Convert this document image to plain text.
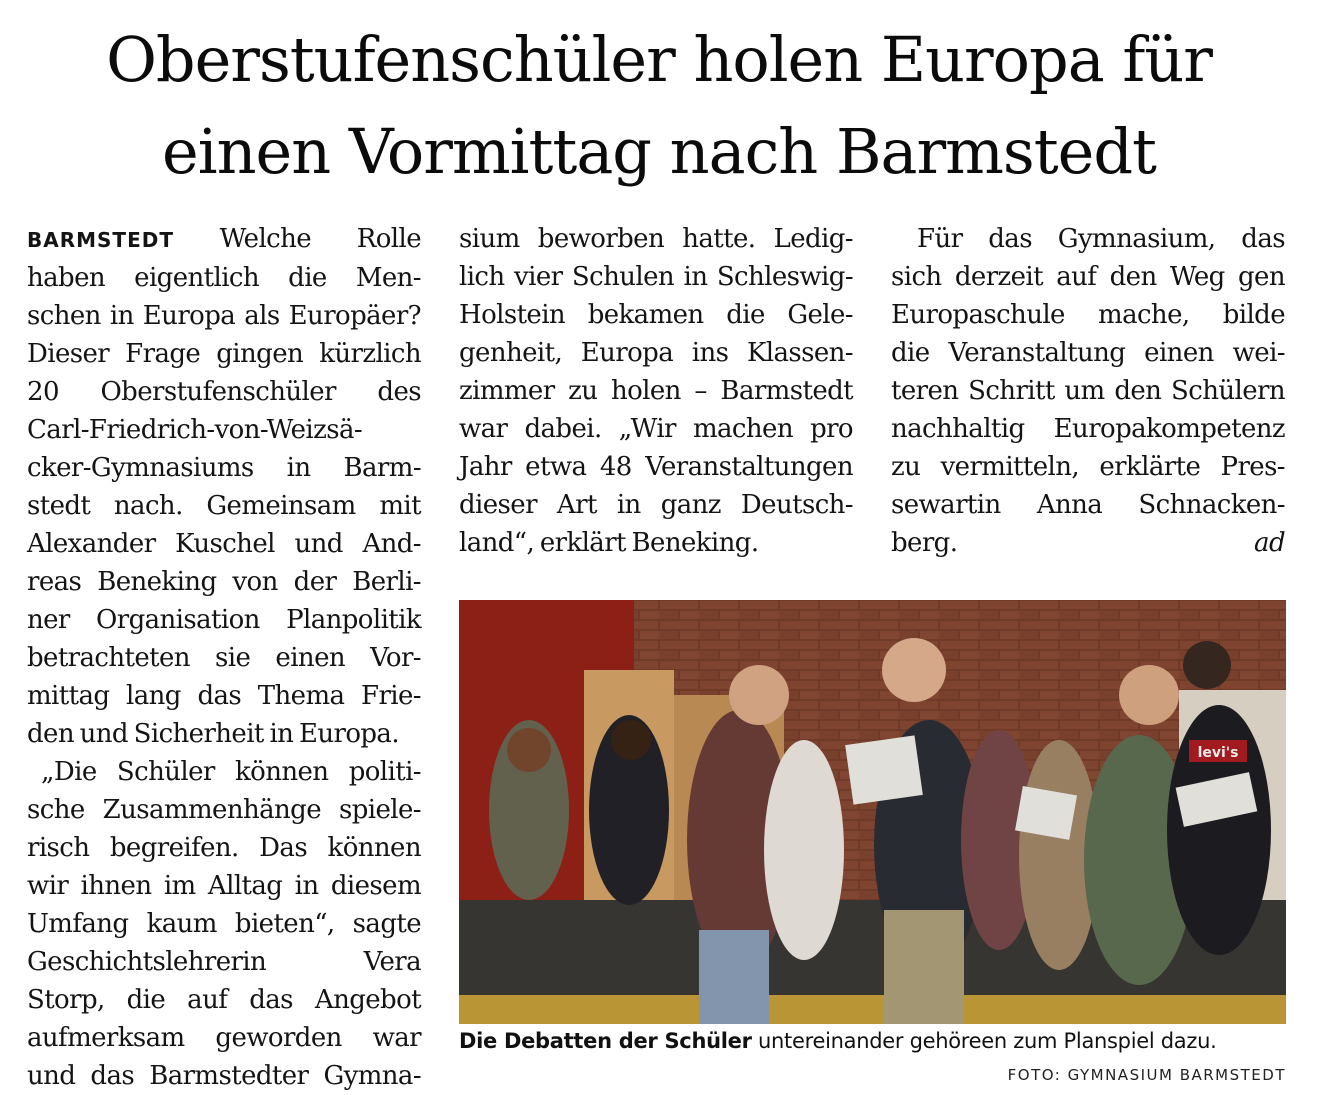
Oberstufenschüler holen Europa für
einen Vormittag nach Barmstedt

BARMSTEDT Welche Rolle
haben eigentlich die Men-
schen in Europa als Europäer?
Dieser Frage gingen kürzlich
20 Oberstufenschüler des
Carl-Friedrich-von-Weizsä-
cker-Gymnasiums in Barm-
stedt nach. Gemeinsam mit
Alexander Kuschel und And-
reas Beneking von der Berli-
ner Organisation Planpolitik
betrachteten sie einen Vor-
mittag lang das Thema Frie-
den und Sicherheit in Europa.

„Die Schüler können politi-

sche Zusammenhänge spiele-
risch begreifen. Das können
wir ihnen im Alltag in diesem
Umfang kaum bieten“, sagte
Geschichtslehrerin Vera
Storp, die auf das Angebot
aufmerksam geworden war
und das Barmstedter Gymna-

sium beworben hatte. Ledig-
lich vier Schulen in Schleswig-
Holstein bekamen die Gele-
genheit, Europa ins Klassen-
zimmer zu holen – Barmstedt
war dabei. „Wir machen pro
Jahr etwa 48 Veranstaltungen
dieser Art in ganz Deutsch-
land“, erklärt Beneking.

Für das Gymnasium, das
sich derzeit auf den Weg gen
Europaschule mache, bilde
die Veranstaltung einen wei-
teren Schritt um den Schülern
nachhaltig Europakompetenz
zu vermitteln, erklärte Pres-
sewartin Anna Schnacken-
berg.	ad

levi's
Die Debatten der Schüler untereinander gehöreen zum Planspiel dazu.
FOTO: GYMNASIUM BARMSTEDT
